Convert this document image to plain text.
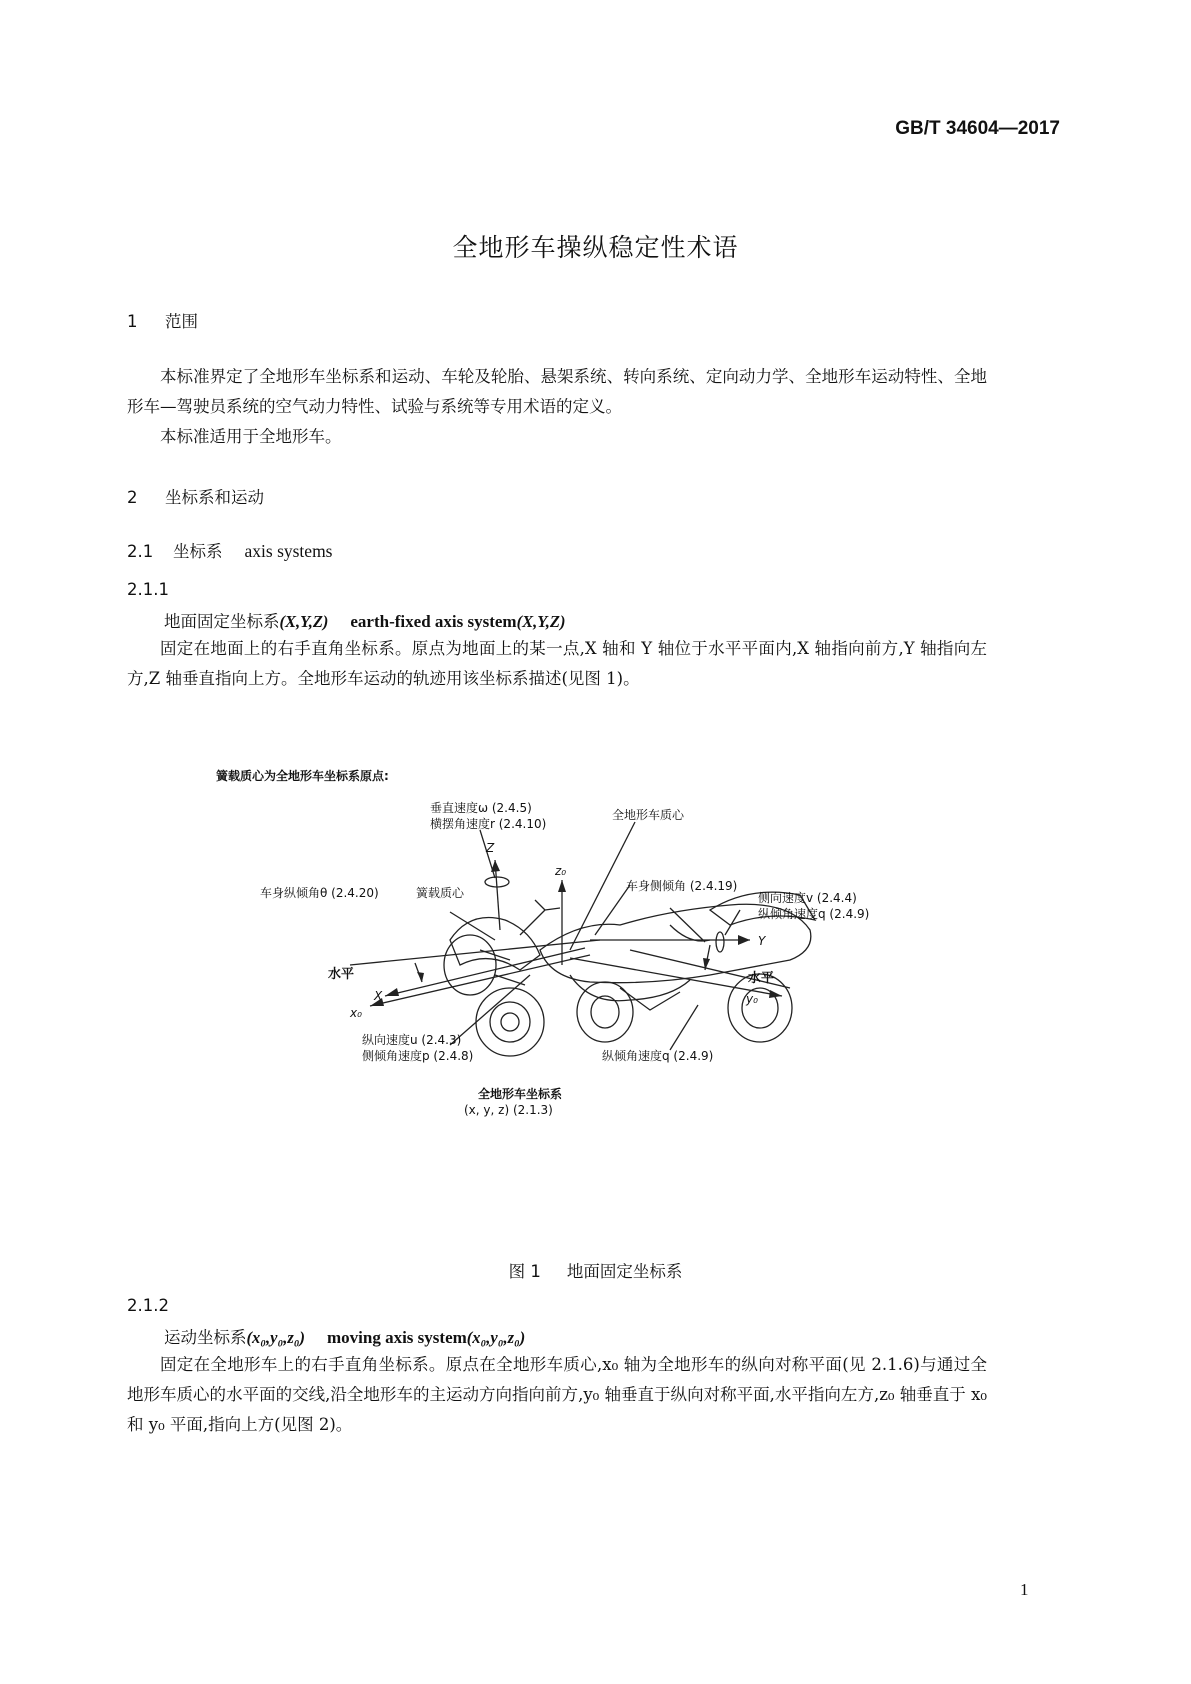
GB/T 34604—2017
全地形车操纵稳定性术语
1 范围
本标准界定了全地形车坐标系和运动、车轮及轮胎、悬架系统、转向系统、定向动力学、全地形车运动特性、全地形车—驾驶员系统的空气动力特性、试验与系统等专用术语的定义。
本标准适用于全地形车。
2 坐标系和运动
2.1 坐标系 axis systems
2.1.1
地面固定坐标系(X,Y,Z) earth-fixed axis system(X,Y,Z)
固定在地面上的右手直角坐标系。原点为地面上的某一点,X 轴和 Y 轴位于水平平面内,X 轴指向前方,Y 轴指向左方,Z 轴垂直指向上方。全地形车运动的轨迹用该坐标系描述(见图 1)。
簧载质心为全地形车坐标系原点:
垂直速度ω (2.4.5)
横摆角速度r (2.4.10)
全地形车质心
Z
z₀
车身纵倾角θ (2.4.20)	簧载质心	车身侧倾角 (2.4.19)
侧向速度v (2.4.4)
纵倾角速度q (2.4.9)
Y
水平	水平
X
x₀
y₀
纵向速度u (2.4.3)
侧倾角速度p (2.4.8)	纵倾角速度q (2.4.9)
全地形车坐标系
(x, y, z) (2.1.3)
图 1 地面固定坐标系
2.1.2
运动坐标系(x₀,y₀,z₀) moving axis system(x₀,y₀,z₀)
固定在全地形车上的右手直角坐标系。原点在全地形车质心,x₀ 轴为全地形车的纵向对称平面(见 2.1.6)与通过全地形车质心的水平面的交线,沿全地形车的主运动方向指向前方,y₀ 轴垂直于纵向对称平面,水平指向左方,z₀ 轴垂直于 x₀ 和 y₀ 平面,指向上方(见图 2)。
1
